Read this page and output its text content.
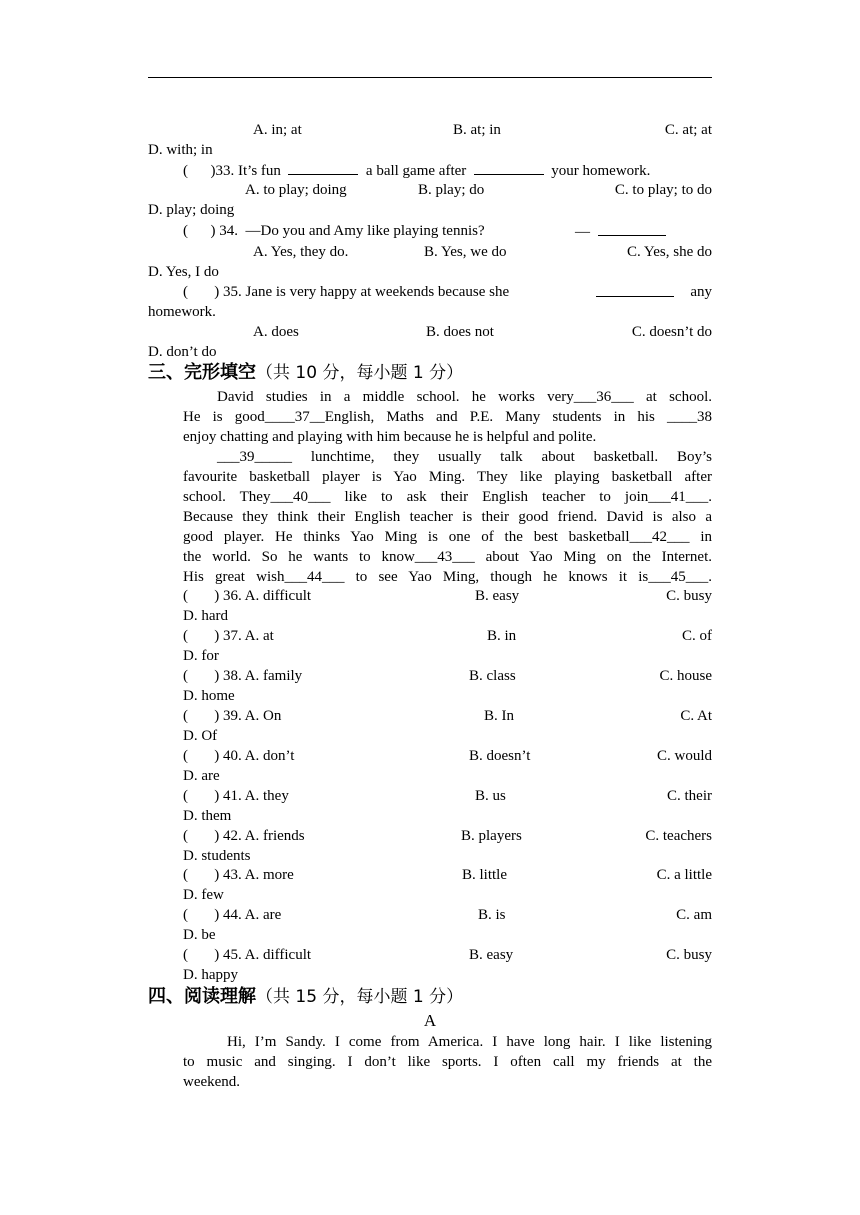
A. in; at	B. at; in	C. at; at
D. with; in
(      )33. It’s fun	a ball game after	your homework.
A. to play; doing	B. play; do	C. to play; to do
D. play; doing
(      ) 34.  —Do you and Amy like playing tennis?	—
A. Yes, they do.	B. Yes, we do	C. Yes, she do
D. Yes, I do
(       ) 35. Jane is very happy at weekends because she	any
homework.
A. does	B. does not	C. doesn’t do
D. don’t do
三、完形填空（共 10 分，每小题 1 分）
David studies in a middle school. he works very___36___ at school.
He is good____37__English, Maths and P.E. Many students in his ____38
enjoy chatting and playing with him because he is helpful and polite.
___39_____ lunchtime, they usually talk about basketball. Boy’s
favourite basketball player is Yao Ming. They like playing basketball after
school. They___40___ like to ask their English teacher to join___41___.
Because they think their English teacher is their good friend. David is also a
good player. He thinks Yao Ming is one of the best basketball___42___ in
the world. So he wants to know___43___ about Yao Ming on the Internet.
His great wish___44___ to see Yao Ming, though he knows it is___45___.
(       ) 36. A. difficult	B. easy	C. busy
D. hard
(       ) 37. A. at	B. in	C. of
D. for
(       ) 38. A. family	B. class	C. house
D. home
(       ) 39. A. On	B. In	C. At
D. Of
(       ) 40. A. don’t	B. doesn’t	C. would
D. are
(       ) 41. A. they	B. us	C. their
D. them
(       ) 42. A. friends	B. players	C. teachers
D. students
(       ) 43. A. more	B. little	C. a little
D. few
(       ) 44. A. are	B. is	C. am
D. be
(       ) 45. A. difficult	B. easy	C. busy
D. happy
四、阅读理解（共 15 分，每小题 1 分）
A
Hi, I’m Sandy. I come from America. I have long hair. I like listening
to music and singing. I don’t like sports. I often call my friends at the
weekend.
